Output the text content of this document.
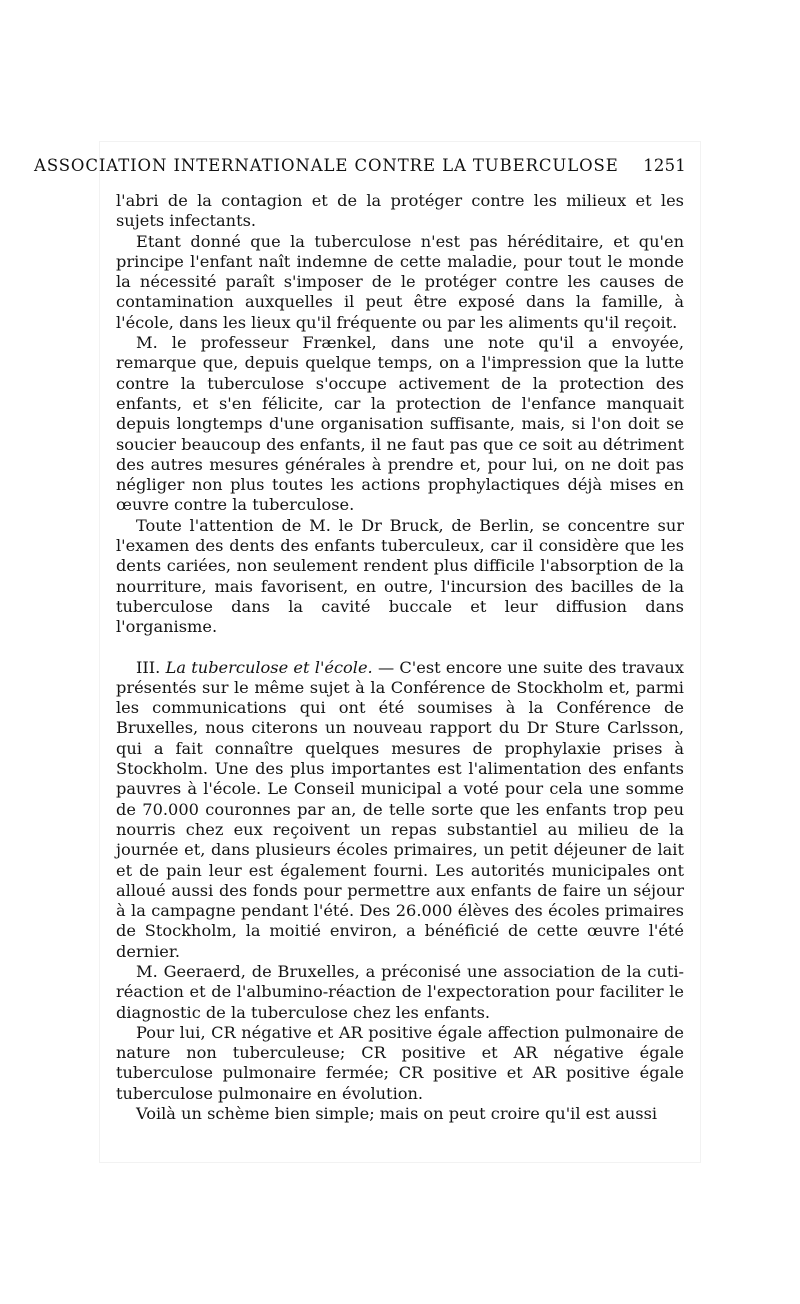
ASSOCIATION INTERNATIONALE CONTRE LA TUBERCULOSE 1251

l'abri de la contagion et de la protéger contre les milieux et les sujets infectants.

Etant donné que la tuberculose n'est pas héréditaire, et qu'en principe l'enfant naît indemne de cette maladie, pour tout le monde la nécessité paraît s'imposer de le protéger contre les causes de contamination auxquelles il peut être exposé dans la famille, à l'école, dans les lieux qu'il fréquente ou par les aliments qu'il reçoit.

M. le professeur Frænkel, dans une note qu'il a envoyée, remarque que, depuis quelque temps, on a l'impression que la lutte contre la tuberculose s'occupe activement de la protection des enfants, et s'en félicite, car la protection de l'enfance manquait depuis longtemps d'une organisation suffisante, mais, si l'on doit se soucier beaucoup des enfants, il ne faut pas que ce soit au détriment des autres mesures générales à prendre et, pour lui, on ne doit pas négliger non plus toutes les actions prophylactiques déjà mises en œuvre contre la tuberculose.

Toute l'attention de M. le Dr Bruck, de Berlin, se concentre sur l'examen des dents des enfants tuberculeux, car il considère que les dents cariées, non seulement rendent plus difficile l'absorption de la nourriture, mais favorisent, en outre, l'incursion des bacilles de la tuberculose dans la cavité buccale et leur diffusion dans l'organisme.

III. La tuberculose et l'école. — C'est encore une suite des travaux présentés sur le même sujet à la Conférence de Stockholm et, parmi les communications qui ont été soumises à la Conférence de Bruxelles, nous citerons un nouveau rapport du Dr Sture Carlsson, qui a fait connaître quelques mesures de prophylaxie prises à Stockholm. Une des plus importantes est l'alimentation des enfants pauvres à l'école. Le Conseil municipal a voté pour cela une somme de 70.000 couronnes par an, de telle sorte que les enfants trop peu nourris chez eux reçoivent un repas substantiel au milieu de la journée et, dans plusieurs écoles primaires, un petit déjeuner de lait et de pain leur est également fourni. Les autorités municipales ont alloué aussi des fonds pour permettre aux enfants de faire un séjour à la campagne pendant l'été. Des 26.000 élèves des écoles primaires de Stockholm, la moitié environ, a bénéficié de cette œuvre l'été dernier.

M. Geeraerd, de Bruxelles, a préconisé une association de la cuti-réaction et de l'albumino-réaction de l'expectoration pour faciliter le diagnostic de la tuberculose chez les enfants.

Pour lui, CR négative et AR positive égale affection pulmonaire de nature non tuberculeuse; CR positive et AR négative égale tuberculose pulmonaire fermée; CR positive et AR positive égale tuberculose pulmonaire en évolution.

Voilà un schème bien simple; mais on peut croire qu'il est aussi
